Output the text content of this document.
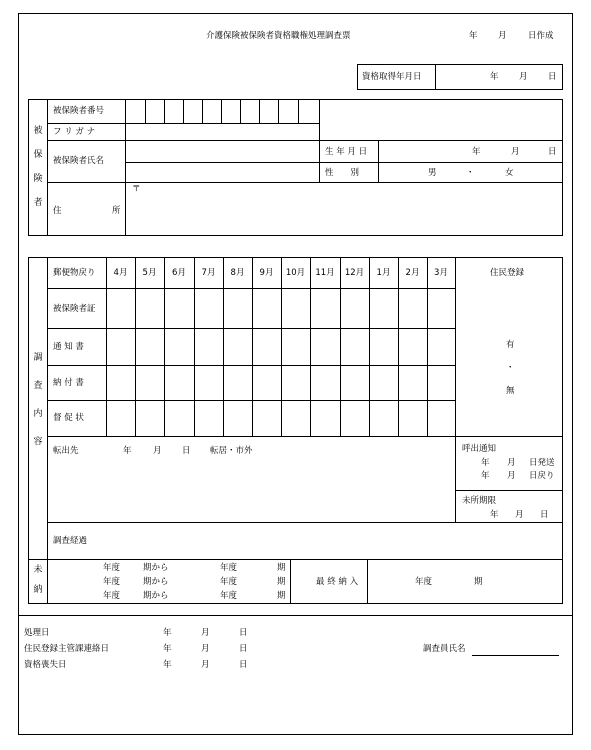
介護保険被保険者資格職権処理調査票	年 月	日作成
資格取得年月日	年 月 日
被
保
険
者
被保険者番号
フ リ ガ ナ
被保険者氏名
生 年 月 日	年	月	日
性　　別	男	・	女
〒
住	所
調
査
内
容
郵便物戻り	4月	5月	6月	7月	8月	9月	10月	11月	12月	1月	2月	3月
被保険者証
通 知 書
納 付 書
督 促 状
住民登録
有
・
無
転出先	年	月 日 転居・市外	呼出通知
年 月 日発送
年 月 日戻り
未所期限
年 月 日
調査経過
未
納
年度	期から	年度	期
年度	期から	年度	期
年度	期から	年度	期
最 終 納 入	年度	期
処理日	年	月	日
住民登録主管課連絡日	年	月	日
資格喪失日	年	月	日
調査員氏名
